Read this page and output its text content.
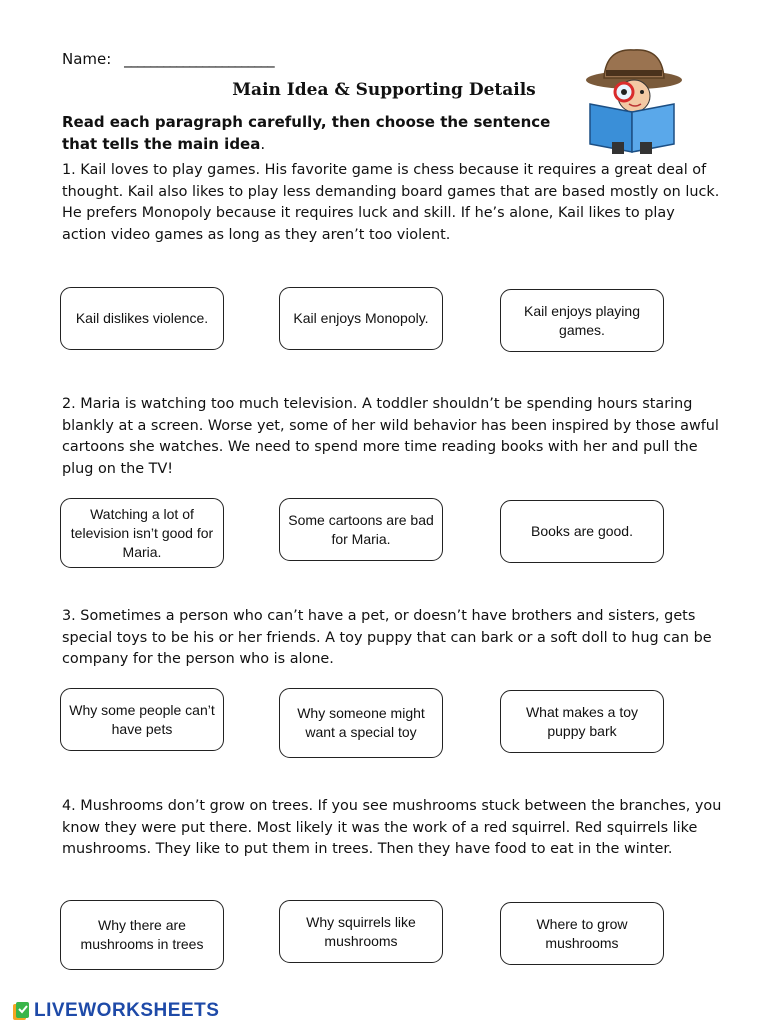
Name: _______________________
Main Idea & Supporting Details
Read each paragraph carefully, then choose the sentence that tells the main idea.
1. Kail loves to play games. His favorite game is chess because it requires a great deal of thought. Kail also likes to play less demanding board games that are based mostly on luck. He prefers Monopoly because it requires luck and skill. If he’s alone, Kail likes to play action video games as long as they aren’t too violent.
Kail dislikes violence.	Kail enjoys Monopoly.	Kail enjoys playing games.
2. Maria is watching too much television. A toddler shouldn’t be spending hours staring blankly at a screen. Worse yet, some of her wild behavior has been inspired by those awful cartoons she watches. We need to spend more time reading books with her and pull the plug on the TV!
Watching a lot of television isn’t good for Maria.
Some cartoons are bad for Maria.	Books are good.
3. Sometimes a person who can’t have a pet, or doesn’t have brothers and sisters, gets special toys to be his or her friends. A toy puppy that can bark or a soft doll to hug can be company for the person who is alone.
Why some people can’t have pets
Why someone might want a special toy
What makes a toy puppy bark
4. Mushrooms don’t grow on trees. If you see mushrooms stuck between the branches, you know they were put there. Most likely it was the work of a red squirrel. Red squirrels like mushrooms. They like to put them in trees. Then they have food to eat in the winter.
Why there are mushrooms in trees
Why squirrels like mushrooms
Where to grow mushrooms
LIVEWORKSHEETS
